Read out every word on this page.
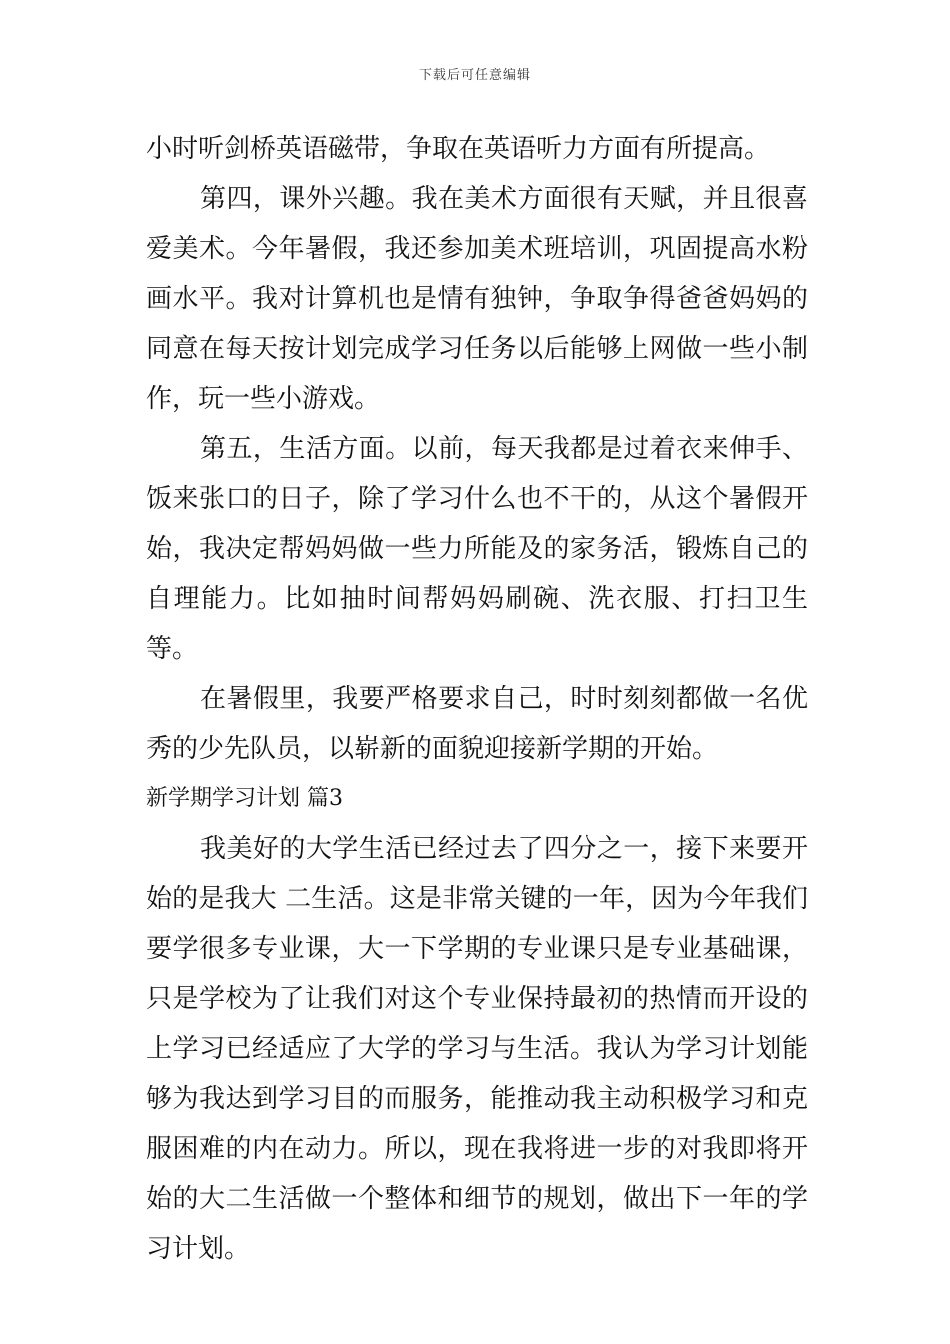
下载后可任意编辑

小时听剑桥英语磁带，争取在英语听力方面有所提高。

第四，课外兴趣。我在美术方面很有天赋，并且很喜爱美术。今年暑假，我还参加美术班培训，巩固提高水粉画水平。我对计算机也是情有独钟，争取争得爸爸妈妈的同意在每天按计划完成学习任务以后能够上网做一些小制作，玩一些小游戏。

第五，生活方面。以前，每天我都是过着衣来伸手、饭来张口的日子，除了学习什么也不干的，从这个暑假开始，我决定帮妈妈做一些力所能及的家务活，锻炼自己的自理能力。比如抽时间帮妈妈刷碗、洗衣服、打扫卫生等。

在暑假里，我要严格要求自己，时时刻刻都做一名优秀的少先队员，以崭新的面貌迎接新学期的开始。

新学期学习计划 篇3

我美好的大学生活已经过去了四分之一，接下来要开始的是我大 二生活。这是非常关键的一年，因为今年我们要学很多专业课，大一下学期的专业课只是专业基础课，只是学校为了让我们对这个专业保持最初的热情而开设的上学习已经适应了大学的学习与生活。我认为学习计划能够为我达到学习目的而服务，能推动我主动积极学习和克服困难的内在动力。所以，现在我将进一步的对我即将开始的大二生活做一个整体和细节的规划，做出下一年的学习计划。
